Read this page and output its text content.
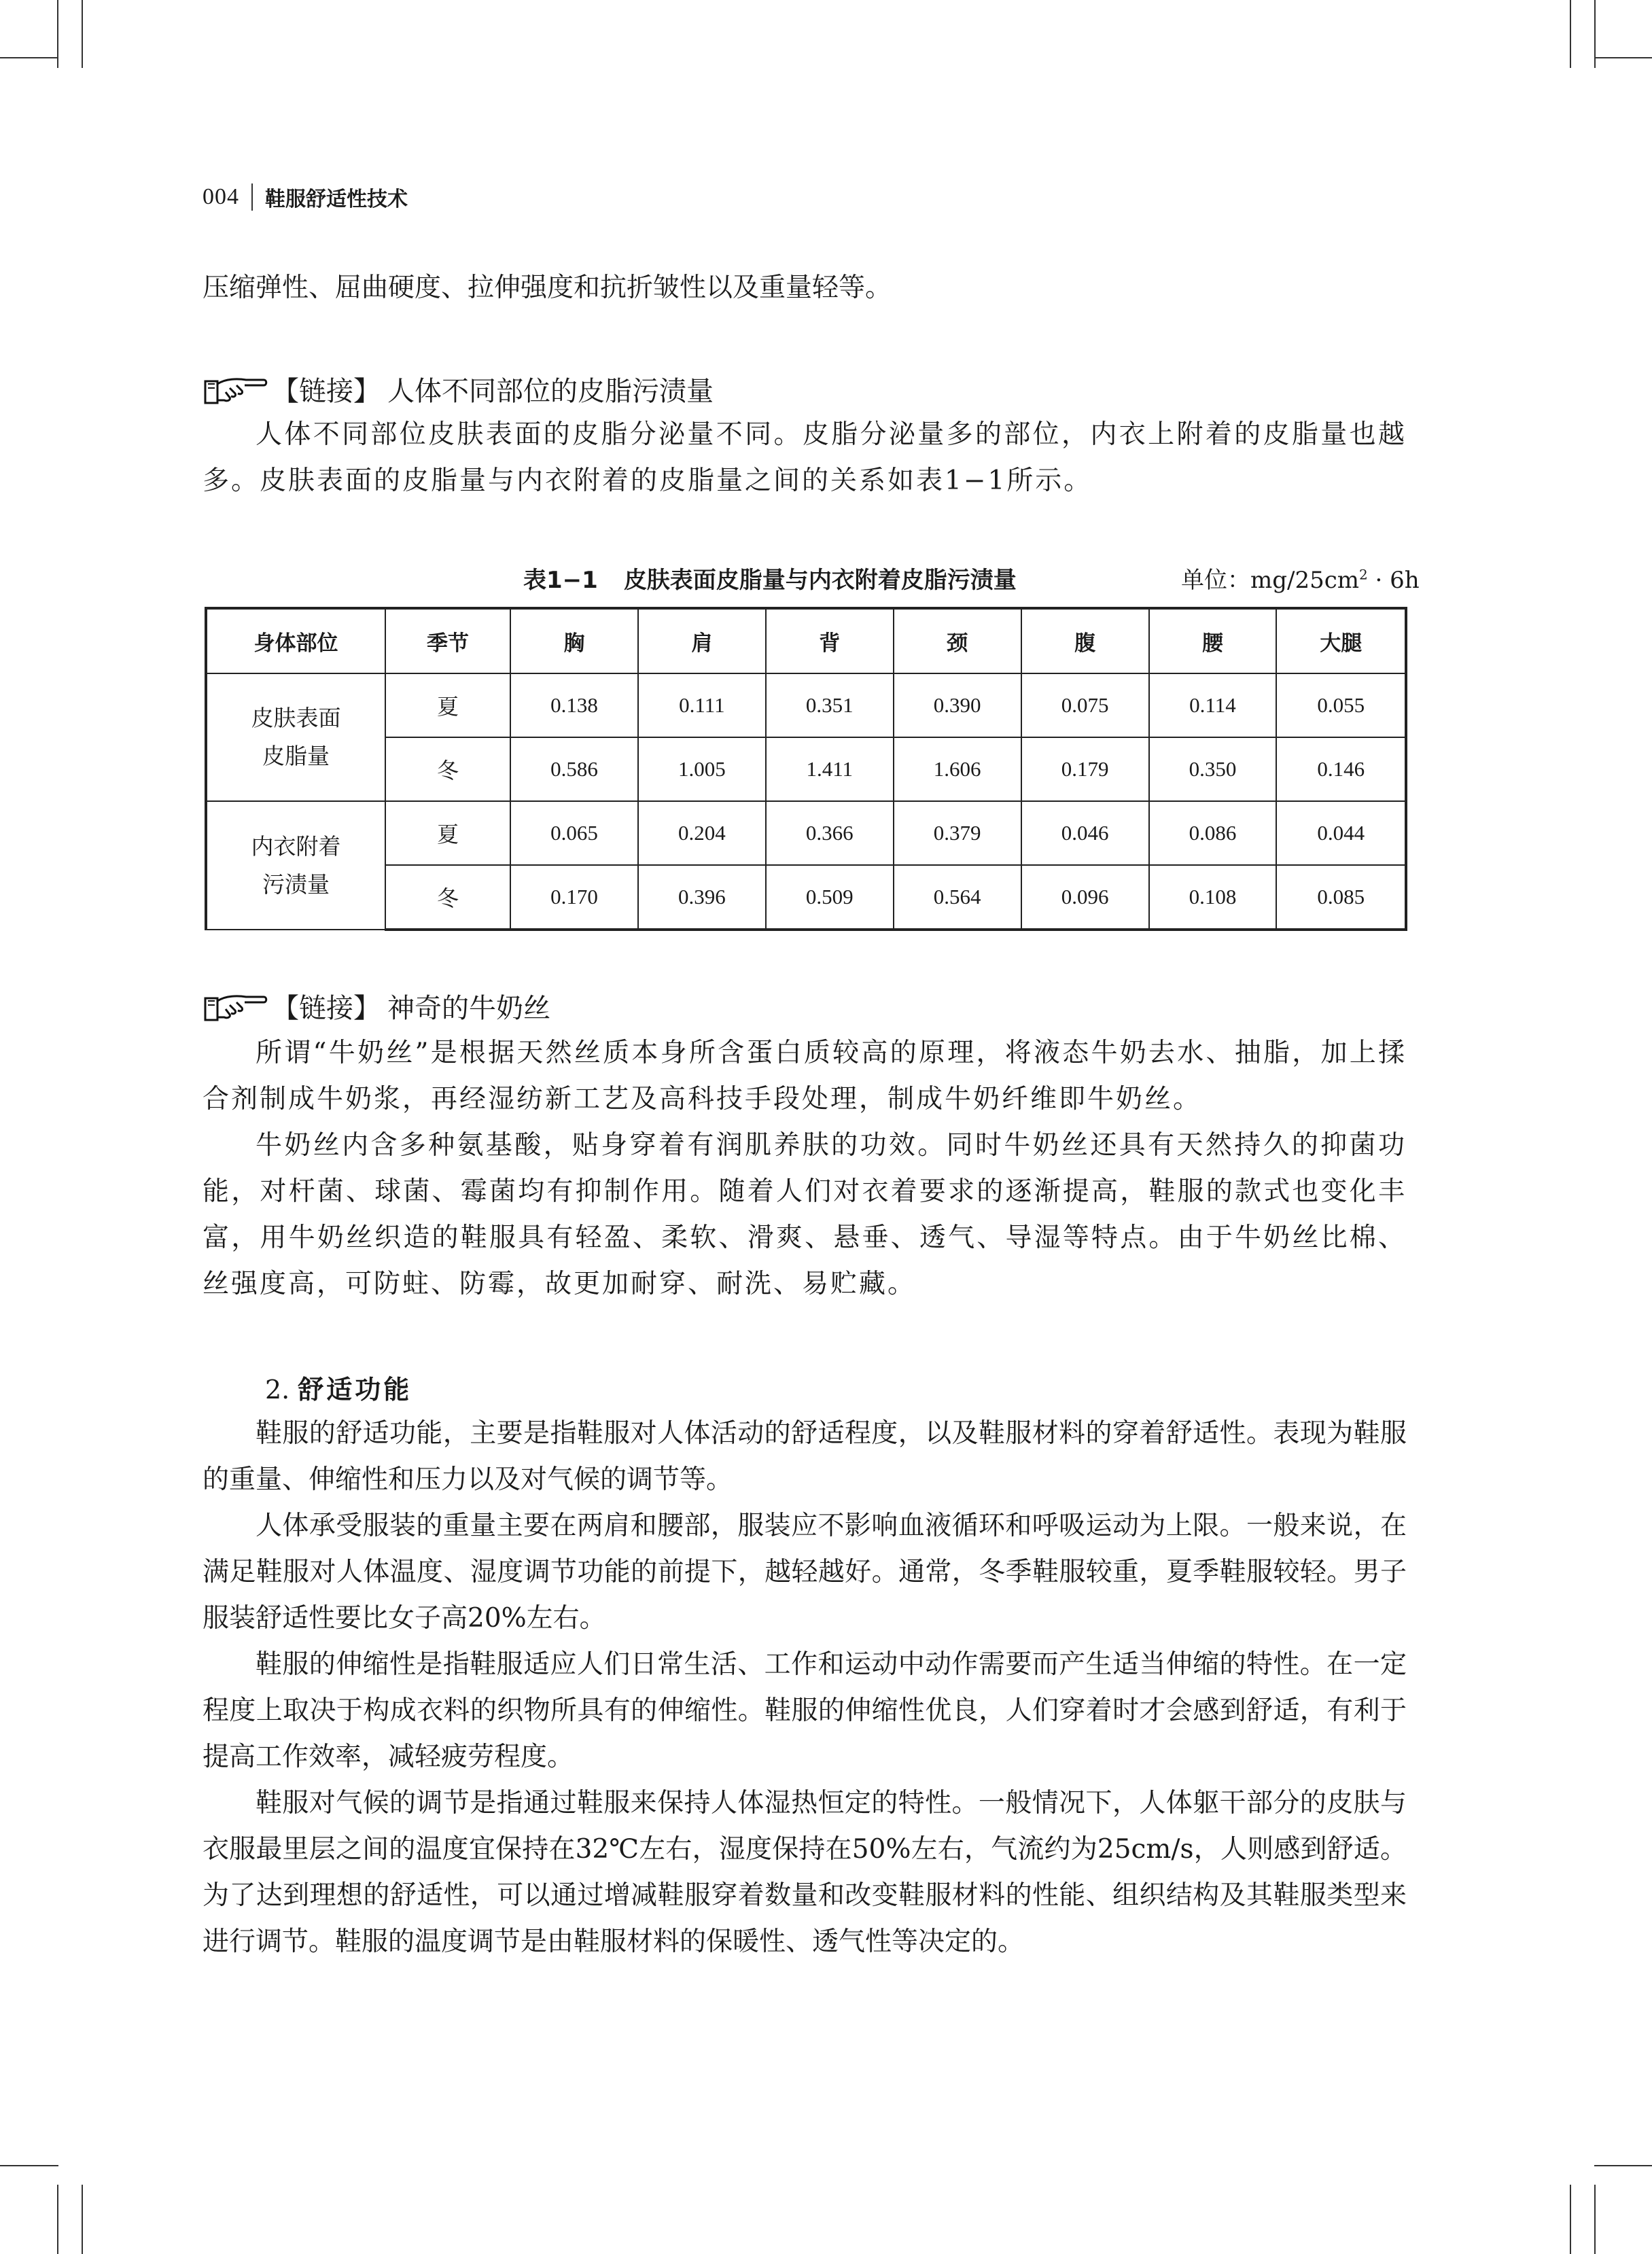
004 鞋服舒适性技术

压缩弹性、屈曲硬度、拉伸强度和抗折皱性以及重量轻等。

【链接】 人体不同部位的皮脂污渍量

人体不同部位皮肤表面的皮脂分泌量不同。皮脂分泌量多的部位，内衣上附着的皮脂量也越多。皮肤表面的皮脂量与内衣附着的皮脂量之间的关系如表1−1所示。

表1−1 皮肤表面皮脂量与内衣附着皮脂污渍量	单位：$mg/25cm^2 \cdot 6h$
身体部位	季节	胸	肩	背	颈	腹	腰	大腿
皮肤表面
皮脂量	夏	0.138	0.111	0.351	0.390	0.075	0.114	0.055
	冬	0.586	1.005	1.411	1.606	0.179	0.350	0.146
内衣附着
污渍量	夏	0.065	0.204	0.366	0.379	0.046	0.086	0.044
	冬	0.170	0.396	0.509	0.564	0.096	0.108	0.085
【链接】 神奇的牛奶丝

所谓“牛奶丝”是根据天然丝质本身所含蛋白质较高的原理，将液态牛奶去水、抽脂，加上揉合剂制成牛奶浆，再经湿纺新工艺及高科技手段处理，制成牛奶纤维即牛奶丝。

牛奶丝内含多种氨基酸，贴身穿着有润肌养肤的功效。同时牛奶丝还具有天然持久的抑菌功能，对杆菌、球菌、霉菌均有抑制作用。随着人们对衣着要求的逐渐提高，鞋服的款式也变化丰富，用牛奶丝织造的鞋服具有轻盈、柔软、滑爽、悬垂、透气、导湿等特点。由于牛奶丝比棉、丝强度高，可防蛀、防霉，故更加耐穿、耐洗、易贮藏。

2. 舒适功能

鞋服的舒适功能，主要是指鞋服对人体活动的舒适程度，以及鞋服材料的穿着舒适性。表现为鞋服的重量、伸缩性和压力以及对气候的调节等。

人体承受服装的重量主要在两肩和腰部，服装应不影响血液循环和呼吸运动为上限。一般来说，在满足鞋服对人体温度、湿度调节功能的前提下，越轻越好。通常，冬季鞋服较重，夏季鞋服较轻。男子服装舒适性要比女子高20%左右。

鞋服的伸缩性是指鞋服适应人们日常生活、工作和运动中动作需要而产生适当伸缩的特性。在一定程度上取决于构成衣料的织物所具有的伸缩性。鞋服的伸缩性优良，人们穿着时才会感到舒适，有利于提高工作效率，减轻疲劳程度。

鞋服对气候的调节是指通过鞋服来保持人体湿热恒定的特性。一般情况下，人体躯干部分的皮肤与衣服最里层之间的温度宜保持在32℃左右，湿度保持在50%左右，气流约为25cm/s，人则感到舒适。为了达到理想的舒适性，可以通过增减鞋服穿着数量和改变鞋服材料的性能、组织结构及其鞋服类型来进行调节。鞋服的温度调节是由鞋服材料的保暖性、透气性等决定的。
